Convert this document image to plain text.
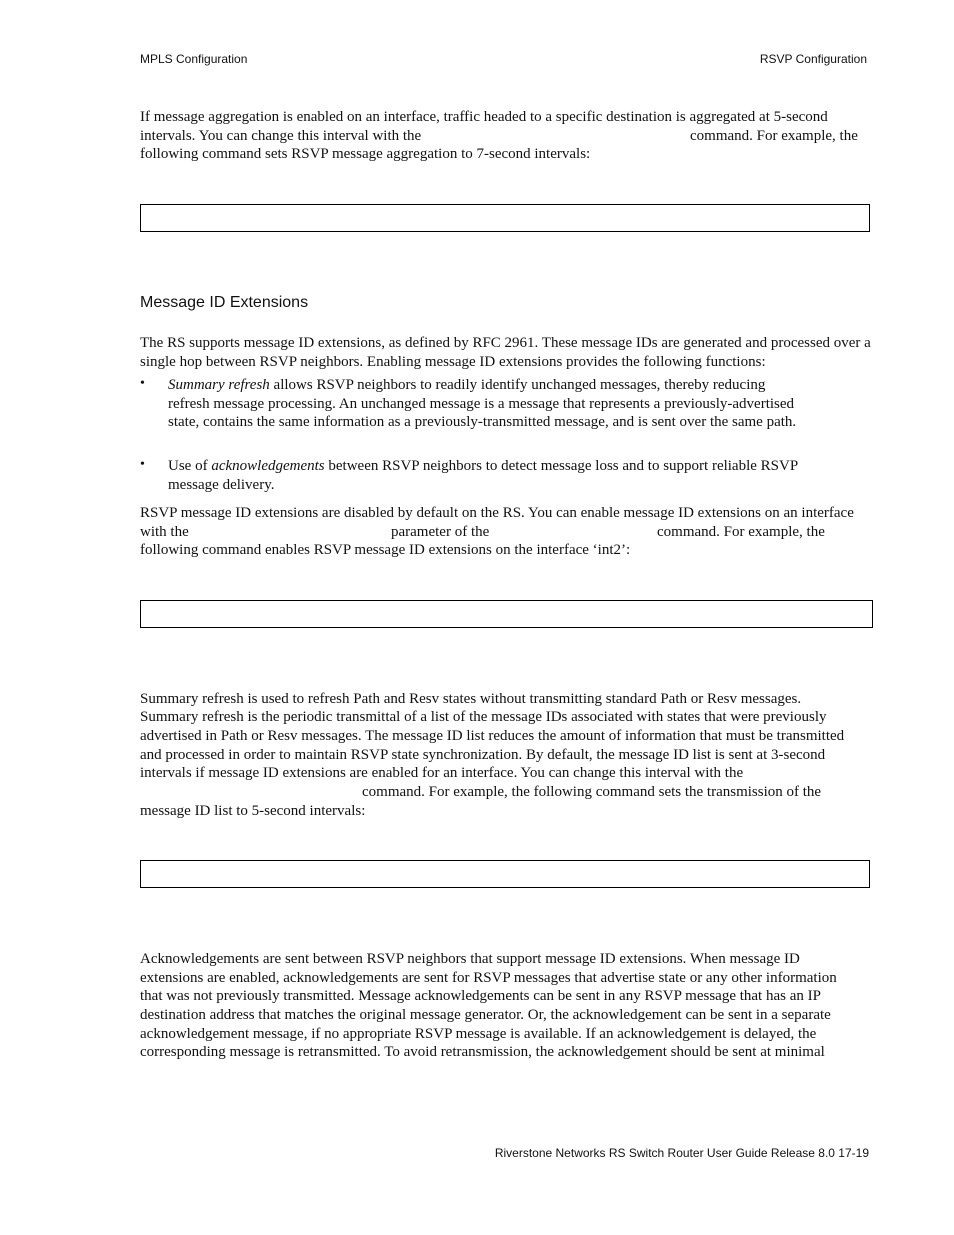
MPLS Configuration	RSVP Configuration
If message aggregation is enabled on an interface, traffic headed to a specific destination is aggregated at 5-second
intervals. You can change this interval with the	command. For example, the
following command sets RSVP message aggregation to 7-second intervals:
Message ID Extensions

The RS supports message ID extensions, as defined by RFC 2961. These message IDs are generated and processed over a single hop between RSVP neighbors. Enabling message ID extensions provides the following functions:

• Summary refresh allows RSVP neighbors to readily identify unchanged messages, thereby reducing refresh message processing. An unchanged message is a message that represents a previously-advertised state, contains the same information as a previously-transmitted message, and is sent over the same path.

• Use of acknowledgements between RSVP neighbors to detect message loss and to support reliable RSVP message delivery.

RSVP message ID extensions are disabled by default on the RS. You can enable message ID extensions on an interface
with the	parameter of the	command. For example, the
following command enables RSVP message ID extensions on the interface ‘int2’:
Summary refresh is used to refresh Path and Resv states without transmitting standard Path or Resv messages.
Summary refresh is the periodic transmittal of a list of the message IDs associated with states that were previously
advertised in Path or Resv messages. The message ID list reduces the amount of information that must be transmitted
and processed in order to maintain RSVP state synchronization. By default, the message ID list is sent at 3-second
intervals if message ID extensions are enabled for an interface. You can change this interval with the
command. For example, the following command sets the transmission of the
message ID list to 5-second intervals:
Acknowledgements are sent between RSVP neighbors that support message ID extensions. When message ID
extensions are enabled, acknowledgements are sent for RSVP messages that advertise state or any other information
that was not previously transmitted. Message acknowledgements can be sent in any RSVP message that has an IP
destination address that matches the original message generator. Or, the acknowledgement can be sent in a separate
acknowledgement message, if no appropriate RSVP message is available. If an acknowledgement is delayed, the
corresponding message is retransmitted. To avoid retransmission, the acknowledgement should be sent at minimal
Riverstone Networks RS Switch Router User Guide Release 8.0 17-19
